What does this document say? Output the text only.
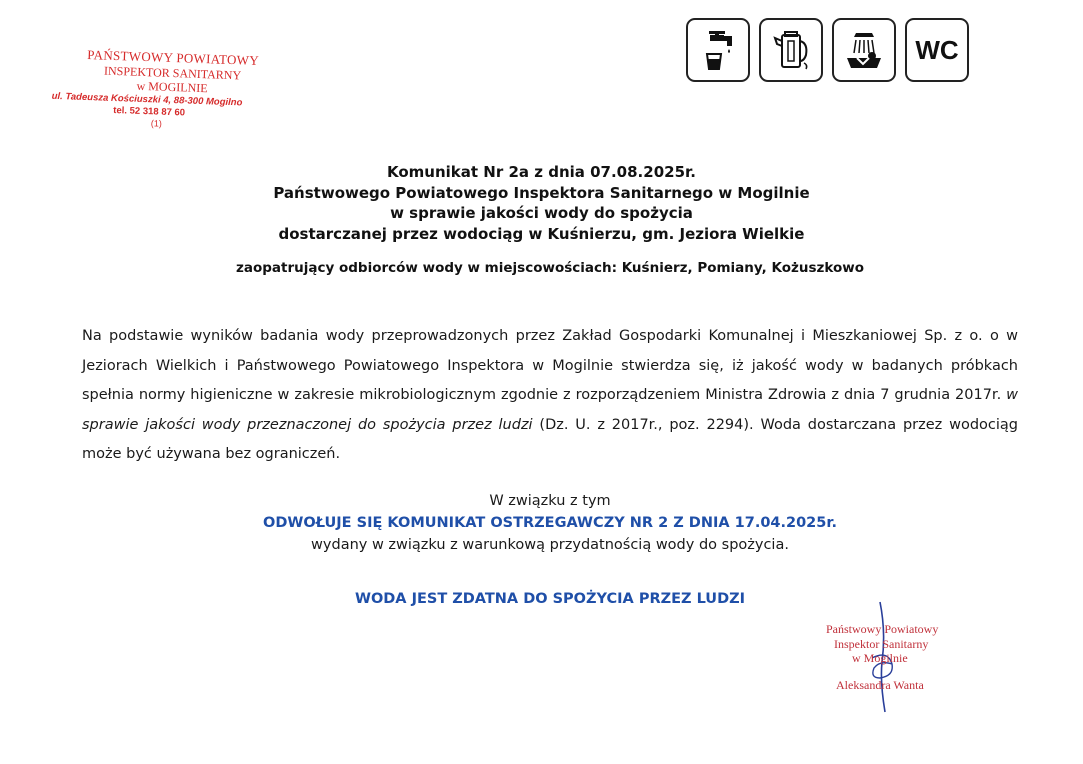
PAŃSTWOWY POWIATOWY
INSPEKTOR SANITARNY
w MOGILNIE
ul. Tadeusza Kościuszki 4, 88-300 Mogilno
tel. 52 318 87 60
(1)
WC
Komunikat Nr 2a z dnia 07.08.2025r.
Państwowego Powiatowego Inspektora Sanitarnego w Mogilnie
w sprawie jakości wody do spożycia
dostarczanej przez wodociąg w Kuśnierzu, gm. Jeziora Wielkie
zaopatrujący odbiorców wody w miejscowościach: Kuśnierz, Pomiany, Kożuszkowo
Na podstawie wyników badania wody przeprowadzonych przez Zakład Gospodarki Komunalnej i Mieszkaniowej Sp. z o. o w Jeziorach Wielkich i Państwowego Powiatowego Inspektora w Mogilnie stwierdza się, iż jakość wody w badanych próbkach spełnia normy higieniczne w zakresie mikrobiologicznym zgodnie z rozporządzeniem Ministra Zdrowia z dnia 7 grudnia 2017r. w sprawie jakości wody przeznaczonej do spożycia przez ludzi (Dz. U. z 2017r., poz. 2294). Woda dostarczana przez wodociąg może być używana bez ograniczeń.
W związku z tym
ODWOŁUJE SIĘ KOMUNIKAT OSTRZEGAWCZY NR 2 Z DNIA 17.04.2025r.
wydany w związku z warunkową przydatnością wody do spożycia.
WODA JEST ZDATNA DO SPOŻYCIA PRZEZ LUDZI
Państwowy Powiatowy
Inspektor Sanitarny
w Mogilnie
Aleksandra Wanta
